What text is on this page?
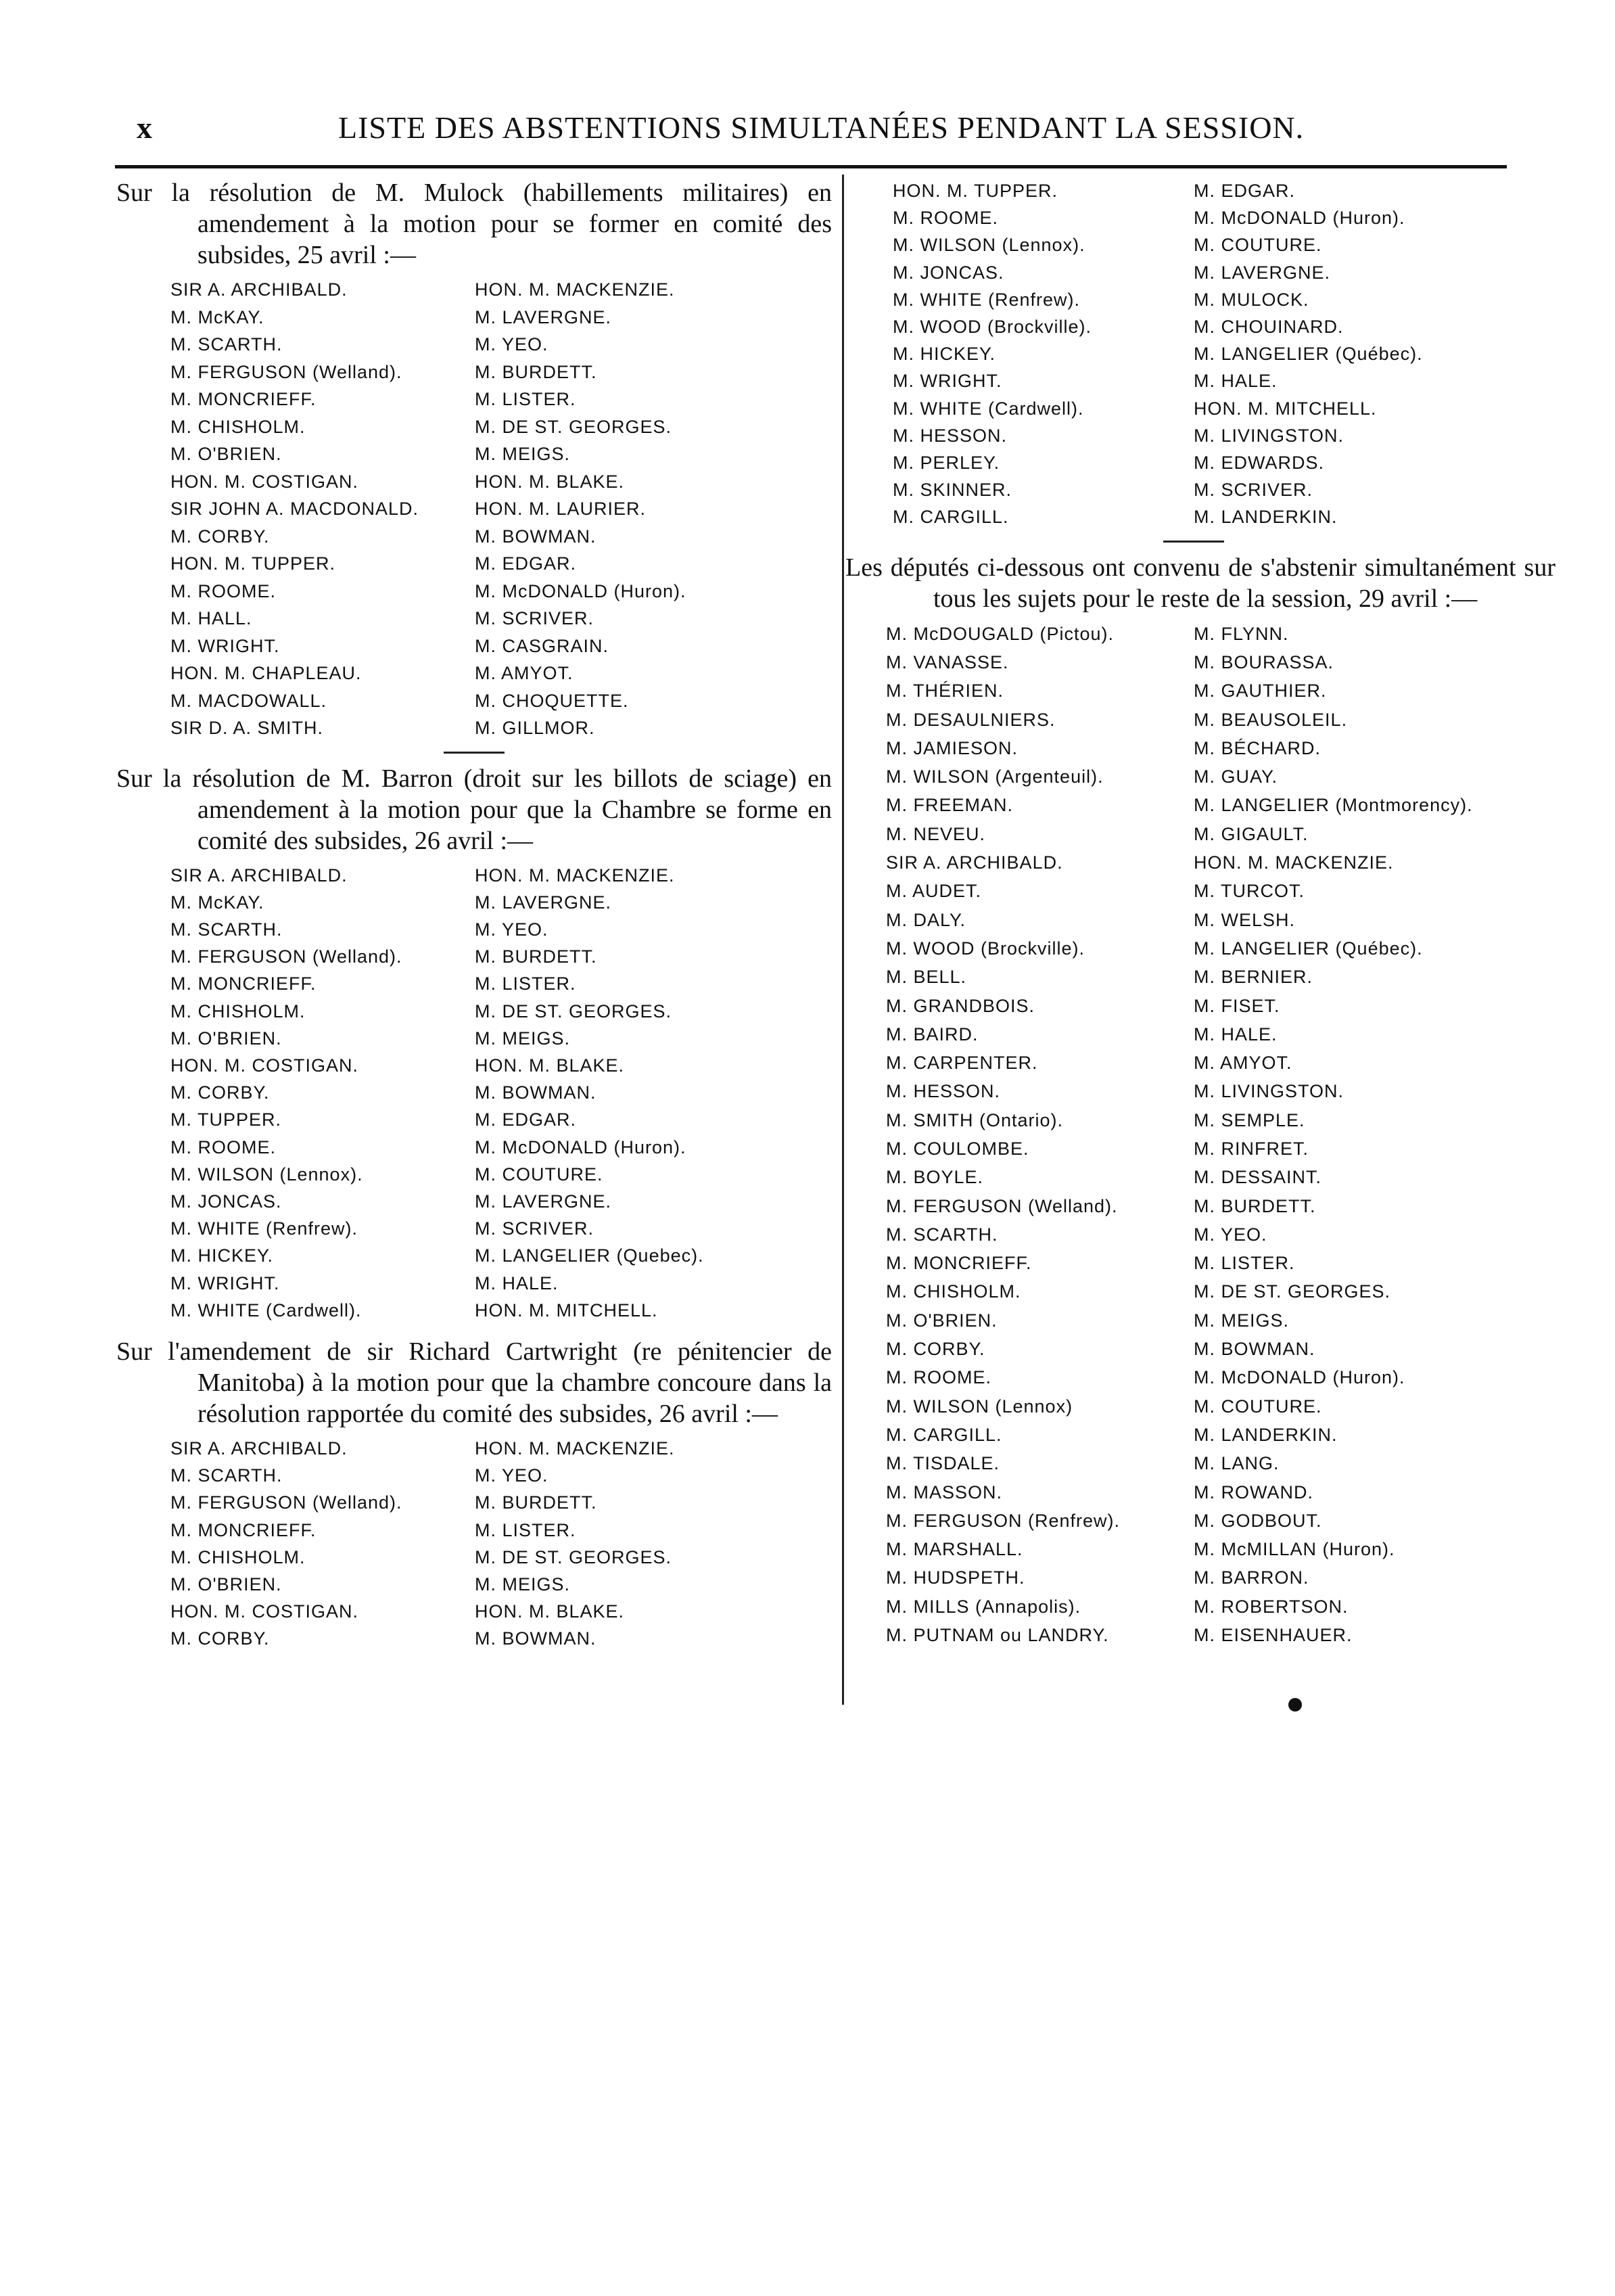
x	LISTE DES ABSTENTIONS SIMULTANÉES PENDANT LA SESSION.

Sur la résolution de M. Mulock (habillements militaires) en amendement à la motion pour se former en comité des subsides, 25 avril :—

SIR A. ARCHIBALD.	HON. M. MACKENZIE.
M. McKAY.	M. LAVERGNE.
M. SCARTH.	M. YEO.
M. FERGUSON (Welland).	M. BURDETT.
M. MONCRIEFF.	M. LISTER.
M. CHISHOLM.	M. DE ST. GEORGES.
M. O'BRIEN.	M. MEIGS.
HON. M. COSTIGAN.	HON. M. BLAKE.
SIR JOHN A. MACDONALD.	HON. M. LAURIER.
M. CORBY.	M. BOWMAN.
HON. M. TUPPER.	M. EDGAR.
M. ROOME.	M. McDONALD (Huron).
M. HALL.	M. SCRIVER.
M. WRIGHT.	M. CASGRAIN.
HON. M. CHAPLEAU.	M. AMYOT.
M. MACDOWALL.	M. CHOQUETTE.
SIR D. A. SMITH.	M. GILLMOR.

Sur la résolution de M. Barron (droit sur les billots de sciage) en amendement à la motion pour que la Chambre se forme en comité des subsides, 26 avril :—

SIR A. ARCHIBALD.	HON. M. MACKENZIE.
M. McKAY.	M. LAVERGNE.
M. SCARTH.	M. YEO.
M. FERGUSON (Welland).	M. BURDETT.
M. MONCRIEFF.	M. LISTER.
M. CHISHOLM.	M. DE ST. GEORGES.
M. O'BRIEN.	M. MEIGS.
HON. M. COSTIGAN.	HON. M. BLAKE.
M. CORBY.	M. BOWMAN.
M. TUPPER.	M. EDGAR.
M. ROOME.	M. McDONALD (Huron).
M. WILSON (Lennox).	M. COUTURE.
M. JONCAS.	M. LAVERGNE.
M. WHITE (Renfrew).	M. SCRIVER.
M. HICKEY.	M. LANGELIER (Quebec).
M. WRIGHT.	M. HALE.
M. WHITE (Cardwell).	HON. M. MITCHELL.

Sur l'amendement de sir Richard Cartwright (re pénitencier de Manitoba) à la motion pour que la chambre concoure dans la résolution rapportée du comité des subsides, 26 avril :—

SIR A. ARCHIBALD.	HON. M. MACKENZIE.
M. SCARTH.	M. YEO.
M. FERGUSON (Welland).	M. BURDETT.
M. MONCRIEFF.	M. LISTER.
M. CHISHOLM.	M. DE ST. GEORGES.
M. O'BRIEN.	M. MEIGS.
HON. M. COSTIGAN.	HON. M. BLAKE.
M. CORBY.	M. BOWMAN.
HON. M. TUPPER.	M. EDGAR.
M. ROOME.	M. McDONALD (Huron).
M. WILSON (Lennox).	M. COUTURE.
M. JONCAS.	M. LAVERGNE.
M. WHITE (Renfrew).	M. MULOCK.
M. WOOD (Brockville).	M. CHOUINARD.
M. HICKEY.	M. LANGELIER (Québec).
M. WRIGHT.	M. HALE.
M. WHITE (Cardwell).	HON. M. MITCHELL.
M. HESSON.	M. LIVINGSTON.
M. PERLEY.	M. EDWARDS.
M. SKINNER.	M. SCRIVER.
M. CARGILL.	M. LANDERKIN.

Les députés ci-dessous ont convenu de s'abstenir simultanément sur tous les sujets pour le reste de la session, 29 avril :—

M. McDOUGALD (Pictou).	M. FLYNN.
M. VANASSE.	M. BOURASSA.
M. THÉRIEN.	M. GAUTHIER.
M. DESAULNIERS.	M. BEAUSOLEIL.
M. JAMIESON.	M. BÉCHARD.
M. WILSON (Argenteuil).	M. GUAY.
M. FREEMAN.	M. LANGELIER (Montmorency).
M. NEVEU.	M. GIGAULT.
SIR A. ARCHIBALD.	HON. M. MACKENZIE.
M. AUDET.	M. TURCOT.
M. DALY.	M. WELSH.
M. WOOD (Brockville).	M. LANGELIER (Québec).
M. BELL.	M. BERNIER.
M. GRANDBOIS.	M. FISET.
M. BAIRD.	M. HALE.
M. CARPENTER.	M. AMYOT.
M. HESSON.	M. LIVINGSTON.
M. SMITH (Ontario).	M. SEMPLE.
M. COULOMBE.	M. RINFRET.
M. BOYLE.	M. DESSAINT.
M. FERGUSON (Welland).	M. BURDETT.
M. SCARTH.	M. YEO.
M. MONCRIEFF.	M. LISTER.
M. CHISHOLM.	M. DE ST. GEORGES.
M. O'BRIEN.	M. MEIGS.
M. CORBY.	M. BOWMAN.
M. ROOME.	M. McDONALD (Huron).
M. WILSON (Lennox)	M. COUTURE.
M. CARGILL.	M. LANDERKIN.
M. TISDALE.	M. LANG.
M. MASSON.	M. ROWAND.
M. FERGUSON (Renfrew).	M. GODBOUT.
M. MARSHALL.	M. McMILLAN (Huron).
M. HUDSPETH.	M. BARRON.
M. MILLS (Annapolis).	M. ROBERTSON.
M. PUTNAM ou LANDRY.	M. EISENHAUER.
